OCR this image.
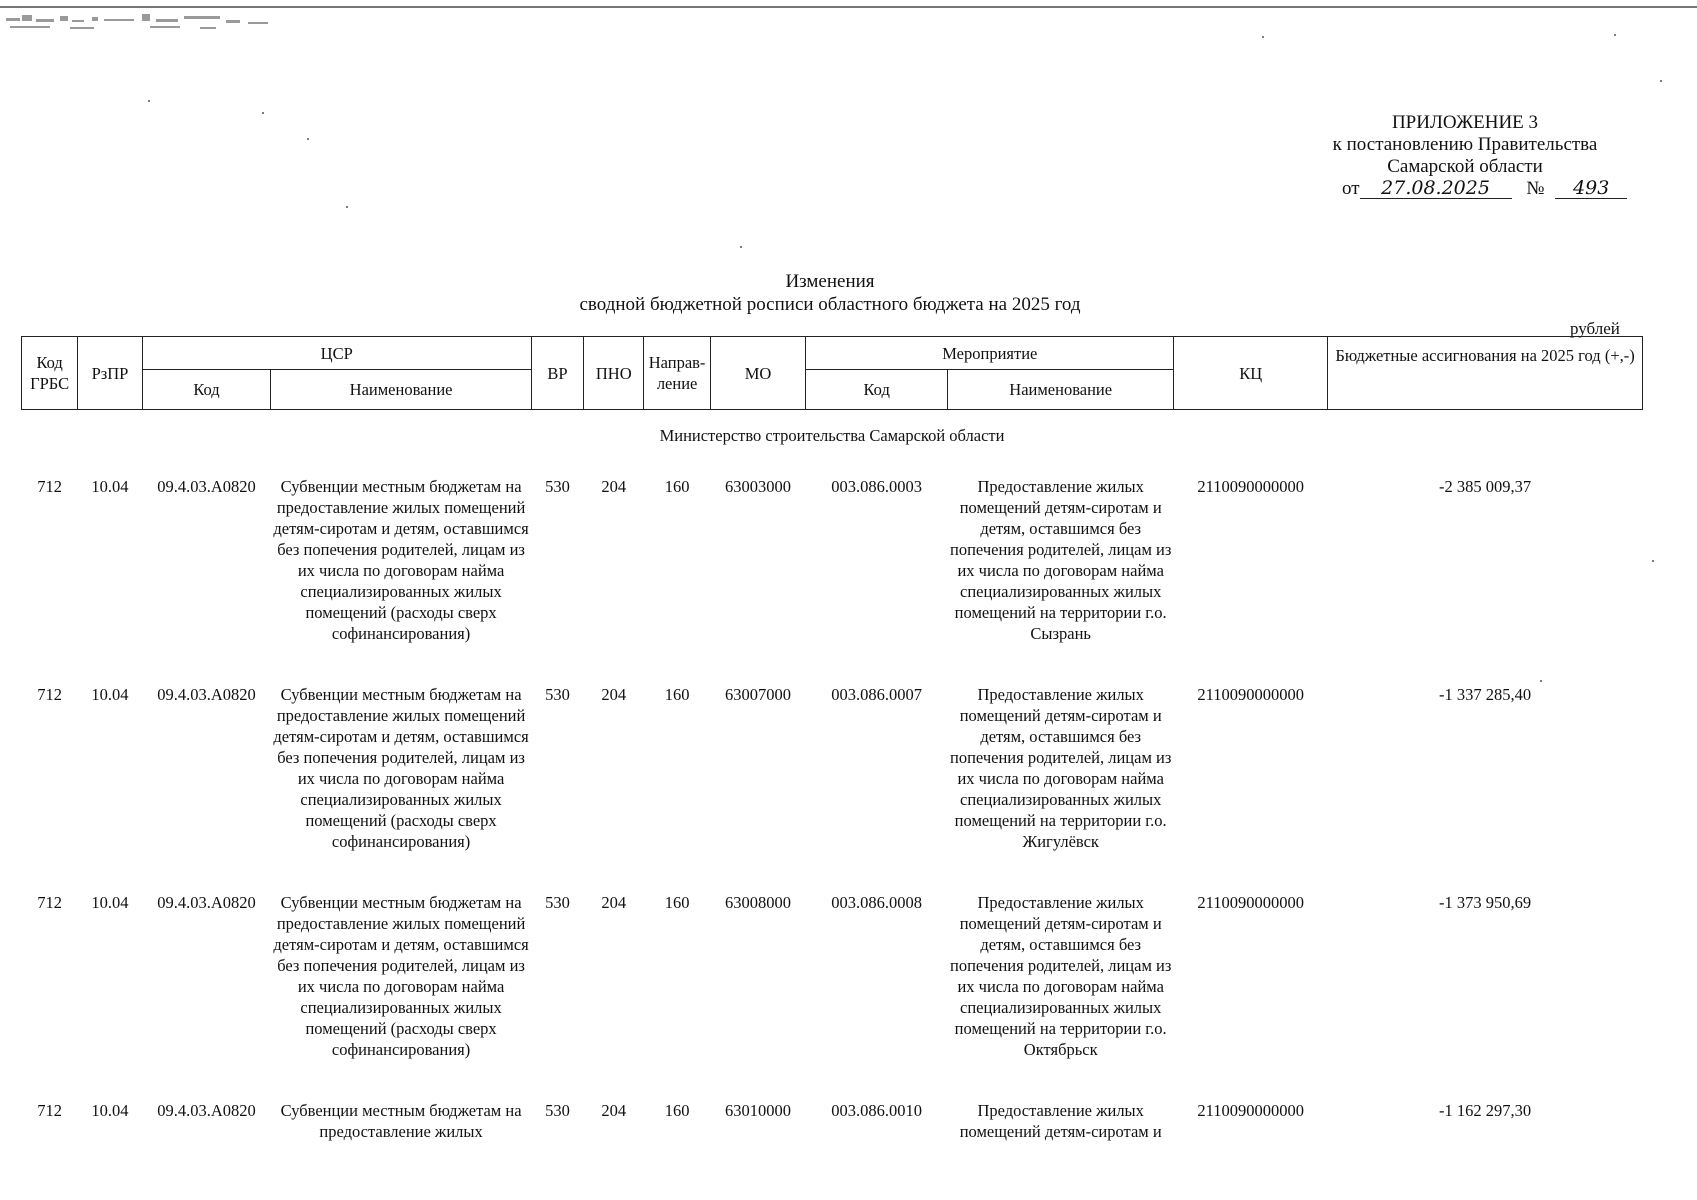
ПРИЛОЖЕНИЕ 3
к постановлению Правительства
Самарской области
от 27.08.2025 № 493
Изменения
сводной бюджетной росписи областного бюджета на 2025 год
рублей
Код ГРБС	РзПР	ЦСР		ВР	ПНО	Направ-ление	МО	Мероприятие		КЦ	Бюджетные ассигнования на 2025 год (+,-)
		Код	Наименование					Код	Наименование		
Министерство строительства Самарской области											
712	10.04	09.4.03.А0820	Субвенции местным бюджетам на предоставление жилых помещений детям-сиротам и детям, оставшимся без попечения родителей, лицам из их числа по договорам найма специализированных жилых помещений (расходы сверх софинансирования)	530	204	160	63003000	003.086.0003	Предоставление жилых помещений детям-сиротам и детям, оставшимся без попечения родителей, лицам из их числа по договорам найма специализированных жилых помещений на территории г.о. Сызрань	2110090000000	-2 385 009,37
712	10.04	09.4.03.А0820	Субвенции местным бюджетам на предоставление жилых помещений детям-сиротам и детям, оставшимся без попечения родителей, лицам из их числа по договорам найма специализированных жилых помещений (расходы сверх софинансирования)	530	204	160	63007000	003.086.0007	Предоставление жилых помещений детям-сиротам и детям, оставшимся без попечения родителей, лицам из их числа по договорам найма специализированных жилых помещений на территории г.о. Жигулёвск	2110090000000	-1 337 285,40
712	10.04	09.4.03.А0820	Субвенции местным бюджетам на предоставление жилых помещений детям-сиротам и детям, оставшимся без попечения родителей, лицам из их числа по договорам найма специализированных жилых помещений (расходы сверх софинансирования)	530	204	160	63008000	003.086.0008	Предоставление жилых помещений детям-сиротам и детям, оставшимся без попечения родителей, лицам из их числа по договорам найма специализированных жилых помещений на территории г.о. Октябрьск	2110090000000	-1 373 950,69
712	10.04	09.4.03.А0820	Субвенции местным бюджетам на предоставление жилых	530	204	160	63010000	003.086.0010	Предоставление жилых помещений детям-сиротам и	2110090000000	-1 162 297,30
